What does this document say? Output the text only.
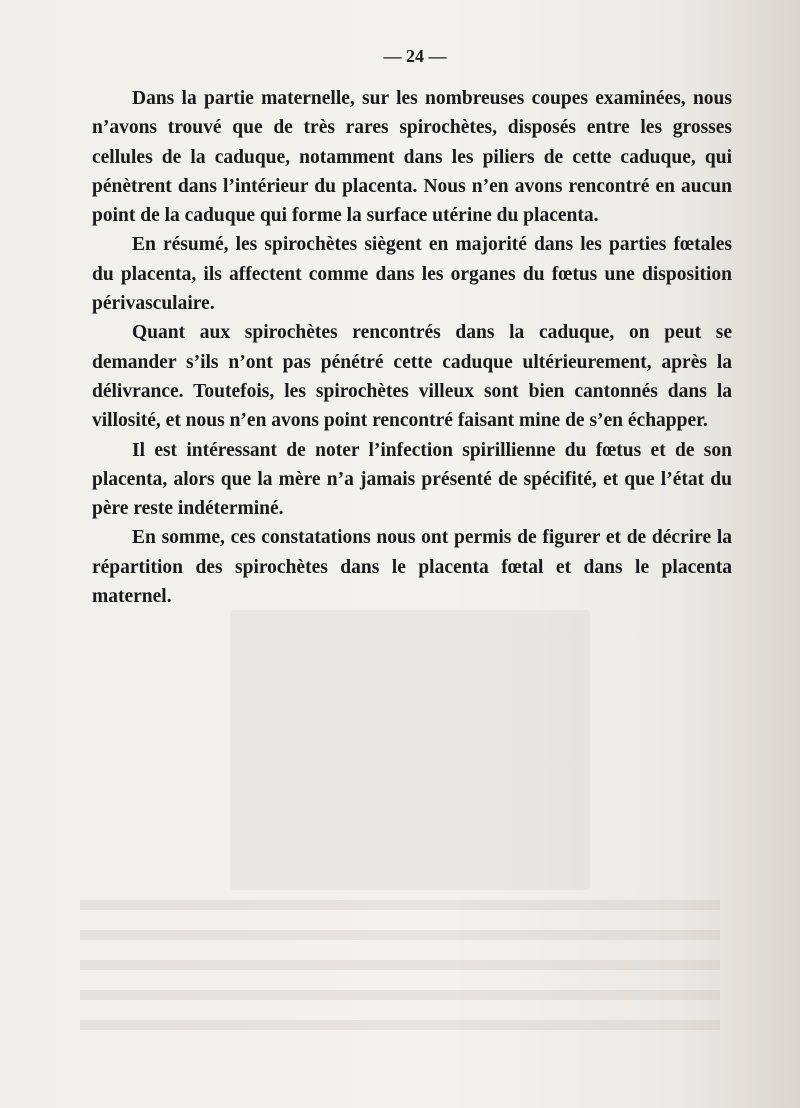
— 24 —

Dans la partie maternelle, sur les nombreuses coupes examinées, nous n’avons trouvé que de très rares spirochètes, disposés entre les grosses cellules de la caduque, notamment dans les piliers de cette caduque, qui pénètrent dans l’intérieur du placenta. Nous n’en avons rencontré en aucun point de la caduque qui forme la surface utérine du placenta.

En résumé, les spirochètes siègent en majorité dans les parties fœtales du placenta, ils affectent comme dans les organes du fœtus une disposition périvasculaire.

Quant aux spirochètes rencontrés dans la caduque, on peut se demander s’ils n’ont pas pénétré cette caduque ultérieurement, après la délivrance. Toutefois, les spirochètes villeux sont bien cantonnés dans la villosité, et nous n’en avons point rencontré faisant mine de s’en échapper.

Il est intéressant de noter l’infection spirillienne du fœtus et de son placenta, alors que la mère n’a jamais présenté de spécifité, et que l’état du père reste indéterminé.

En somme, ces constatations nous ont permis de figurer et de décrire la répartition des spirochètes dans le placenta fœtal et dans le placenta maternel.
